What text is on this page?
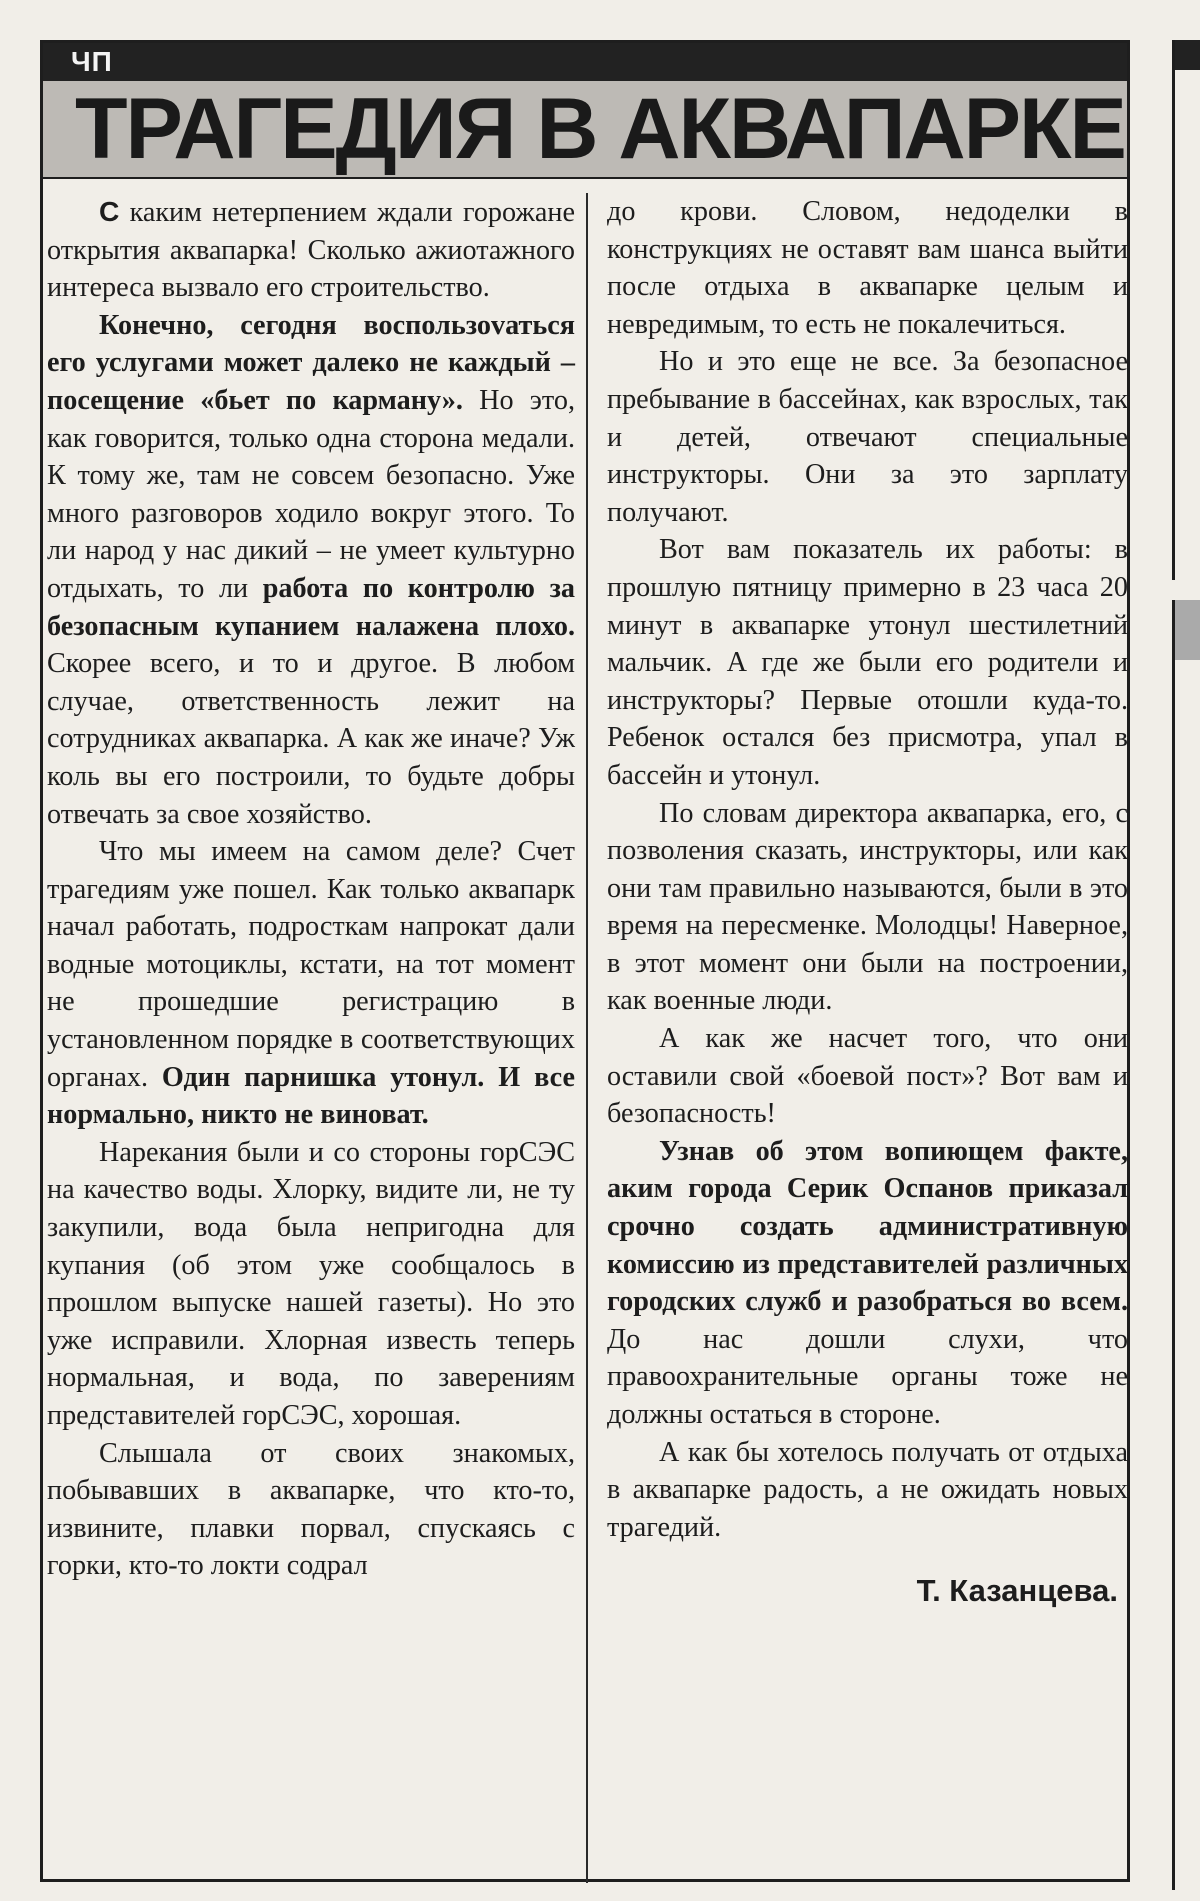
ЧП
ТРАГЕДИЯ В АКВАПАРКЕ

С каким нетерпением ждали горожане открытия аквапарка! Сколько ажиотажного интереса вызвало его строительство.

Конечно, сегодня воспользоvаться его услугами может далеко не каждый – посещение «бьет по карману». Но это, как говорится, только одна сторона медали. К тому же, там не совсем безопасно. Уже много разговоров ходило вокруг этого. То ли народ у нас дикий – не умеет культурно отдыхать, то ли работа по контролю за безопасным купанием налажена плохо. Скорее всего, и то и другое. В любом случае, ответственность лежит на сотрудниках аквапарка. А как же иначе? Уж коль вы его построили, то будьте добры отвечать за свое хозяйство.

Что мы имеем на самом деле? Счет трагедиям уже пошел. Как только аквапарк начал работать, подросткам напрокат дали водные мотоциклы, кстати, на тот момент не прошедшие регистрацию в установленном порядке в соответствующих органах. Один парнишка утонул. И все нормально, никто не виноват.

Нарекания были и со стороны горСЭС на качество воды. Хлорку, видите ли, не ту закупили, вода была непригодна для купания (об этом уже сообщалось в прошлом выпуске нашей газеты). Но это уже исправили. Хлорная известь теперь нормальная, и вода, по заверениям представителей горСЭС, хорошая.

Слышала от своих знакомых, побывавших в аквапарке, что кто-то, извините, плавки порвал, спускаясь с горки, кто-то локти содрал

до крови. Словом, недоделки в конструкциях не оставят вам шанса выйти после отдыха в аквапарке целым и невредимым, то есть не покалечиться.

Но и это еще не все. За безопасное пребывание в бассейнах, как взрослых, так и детей, отвечают специальные инструкторы. Они за это зарплату получают.

Вот вам показатель их работы: в прошлую пятницу примерно в 23 часа 20 минут в аквапарке утонул шестилетний мальчик. А где же были его родители и инструкторы? Первые отошли куда-то. Ребенок остался без присмотра, упал в бассейн и утонул.

По словам директора аквапарка, его, с позволения сказать, инструкторы, или как они там правильно называются, были в это время на пересменке. Молодцы! Наверное, в этот момент они были на построении, как военные люди.

А как же насчет того, что они оставили свой «боевой пост»? Вот вам и безопасность!

Узнав об этом вопиющем факте, аким города Серик Оспанов приказал срочно создать административную комиссию из представителей различных городских служб и разобраться во всем. До нас дошли слухи, что правоохранительные органы тоже не должны остаться в стороне.

А как бы хотелось получать от отдыха в аквапарке радость, а не ожидать новых трагедий.

Т. Казанцева.
